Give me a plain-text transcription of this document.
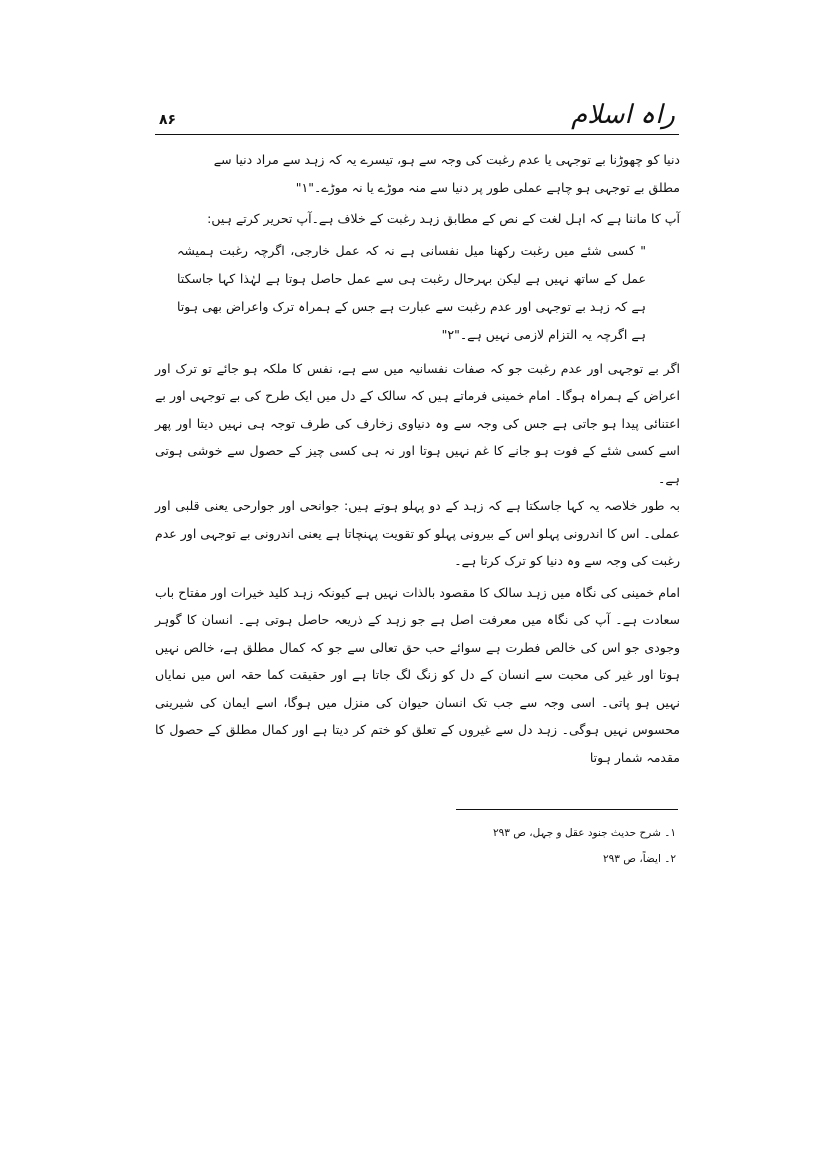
راہ اسلام
۸۶

دنیا کو چھوڑنا بے توجہی یا عدم رغبت کی وجہ سے ہو، تیسرے یہ کہ زہد سے مراد دنیا سے

مطلق بے توجہی ہو چاہے عملی طور پر دنیا سے منہ موڑے یا نہ موڑے۔"۱"

آپ کا ماننا ہے کہ اہل لغت کے نص کے مطابق زہد رغبت کے خلاف ہے۔آپ تحریر کرتے ہیں:

" کسی شئے میں رغبت رکھنا میل نفسانی ہے نہ کہ عمل خارجی، اگرچہ رغبت ہمیشہ عمل کے ساتھ نہیں ہے لیکن بہرحال رغبت ہی سے عمل حاصل ہوتا ہے لہٰذا کہا جاسکتا ہے کہ زہد بے توجہی اور عدم رغبت سے عبارت ہے جس کے ہمراہ ترک واعراض بھی ہوتا ہے اگرچہ یہ التزام لازمی نہیں ہے۔"۲"

اگر بے توجہی اور عدم رغبت جو کہ صفات نفسانیہ میں سے ہے، نفس کا ملکہ ہو جائے تو ترک اور اعراض کے ہمراہ ہوگا۔ امام خمینی فرماتے ہیں کہ سالک کے دل میں ایک طرح کی بے توجہی اور بے اعتنائی پیدا ہو جاتی ہے جس کی وجہ سے وہ دنیاوی زخارف کی طرف توجہ ہی نہیں دیتا اور پھر اسے کسی شئے کے فوت ہو جانے کا غم نہیں ہوتا اور نہ ہی کسی چیز کے حصول سے خوشی ہوتی ہے۔

بہ طور خلاصہ یہ کہا جاسکتا ہے کہ زہد کے دو پہلو ہوتے ہیں: جوانحی اور جوارحی یعنی قلبی اور عملی۔ اس کا اندرونی پہلو اس کے بیرونی پہلو کو تقویت پہنچاتا ہے یعنی اندرونی بے توجہی اور عدم رغبت کی وجہ سے وہ دنیا کو ترک کرتا ہے۔

امام خمینی کی نگاہ میں زہد سالک کا مقصود بالذات نہیں ہے کیونکہ زہد کلید خیرات اور مفتاح باب سعادت ہے۔ آپ کی نگاہ میں معرفت اصل ہے جو زہد کے ذریعہ حاصل ہوتی ہے۔ انسان کا گوہر وجودی جو اس کی خالص فطرت ہے سوائے حب حق تعالی سے جو کہ کمال مطلق ہے، خالص نہیں ہوتا اور غیر کی محبت سے انسان کے دل کو زنگ لگ جاتا ہے اور حقیقت کما حقہ اس میں نمایاں نہیں ہو پاتی۔ اسی وجہ سے جب تک انسان حیوان کی منزل میں ہوگا، اسے ایمان کی شیرینی محسوس نہیں ہوگی۔ زہد دل سے غیروں کے تعلق کو ختم کر دیتا ہے اور کمال مطلق کے حصول کا مقدمہ شمار ہوتا

۱۔ شرح حدیث جنود عقل و جہل، ص ۲۹۳

۲۔ ایضاً، ص ۲۹۳
